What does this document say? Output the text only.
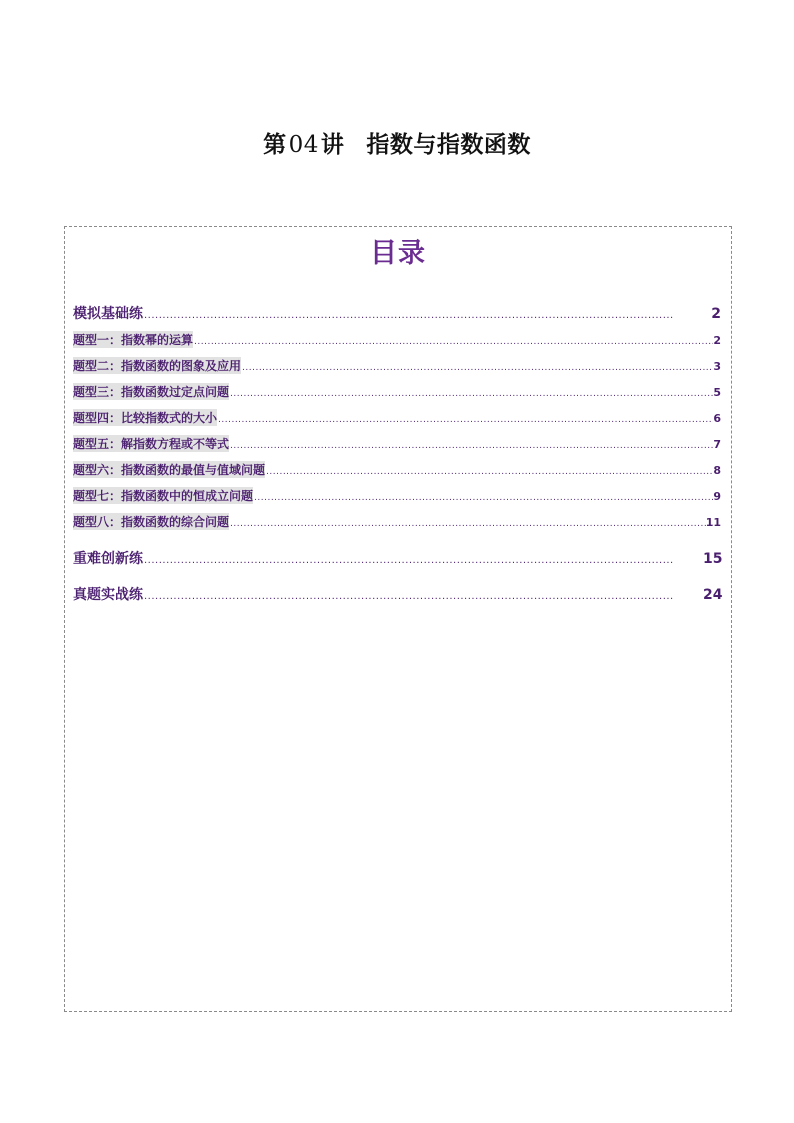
第04讲 指数与指数函数
目录
模拟基础练 .....	2
题型一：指数幂的运算 .....	2
题型二：指数函数的图象及应用 .....	3
题型三：指数函数过定点问题 .....	5
题型四：比较指数式的大小 .....	6
题型五：解指数方程或不等式 .....	7
题型六：指数函数的最值与值域问题 .....	8
题型七：指数函数中的恒成立问题 .....	9
题型八：指数函数的综合问题 .....	11
重难创新练 .....	15
真题实战练 .....	24
